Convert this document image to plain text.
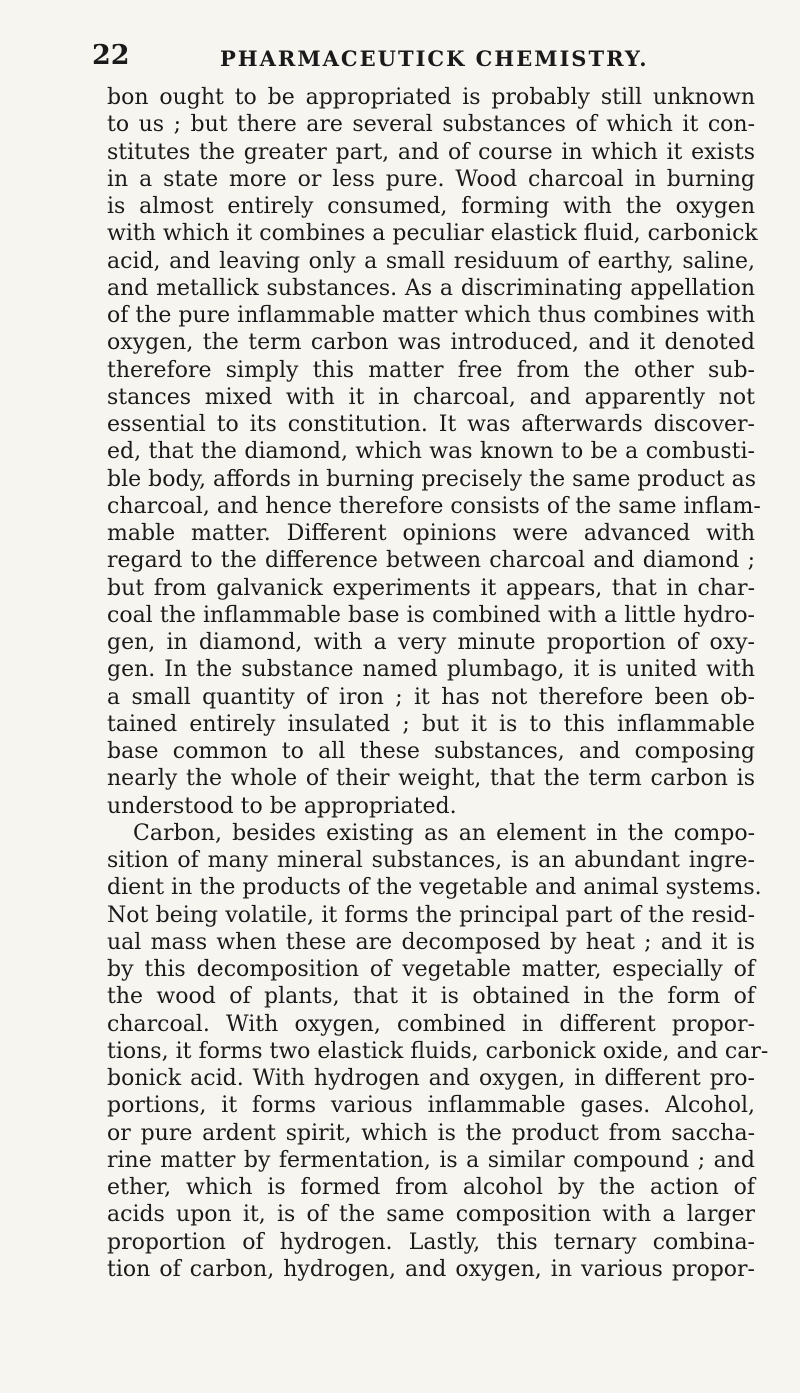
22	PHARMACEUTICK CHEMISTRY.
bon ought to be appropriated is probably still unknown
to us ; but there are several substances of which it con-
stitutes the greater part, and of course in which it exists
in a state more or less pure. Wood charcoal in burning
is almost entirely consumed, forming with the oxygen
with which it combines a peculiar elastick fluid, carbonick
acid, and leaving only a small residuum of earthy, saline,
and metallick substances. As a discriminating appellation
of the pure inflammable matter which thus combines with
oxygen, the term carbon was introduced, and it denoted
therefore simply this matter free from the other sub-
stances mixed with it in charcoal, and apparently not
essential to its constitution. It was afterwards discover-
ed, that the diamond, which was known to be a combusti-
ble body, affords in burning precisely the same product as
charcoal, and hence therefore consists of the same inflam-
mable matter. Different opinions were advanced with
regard to the difference between charcoal and diamond ;
but from galvanick experiments it appears, that in char-
coal the inflammable base is combined with a little hydro-
gen, in diamond, with a very minute proportion of oxy-
gen. In the substance named plumbago, it is united with
a small quantity of iron ; it has not therefore been ob-
tained entirely insulated ; but it is to this inflammable
base common to all these substances, and composing
nearly the whole of their weight, that the term carbon is
understood to be appropriated.
Carbon, besides existing as an element in the compo-
sition of many mineral substances, is an abundant ingre-
dient in the products of the vegetable and animal systems.
Not being volatile, it forms the principal part of the resid-
ual mass when these are decomposed by heat ; and it is
by this decomposition of vegetable matter, especially of
the wood of plants, that it is obtained in the form of
charcoal. With oxygen, combined in different propor-
tions, it forms two elastick fluids, carbonick oxide, and car-
bonick acid. With hydrogen and oxygen, in different pro-
portions, it forms various inflammable gases. Alcohol,
or pure ardent spirit, which is the product from saccha-
rine matter by fermentation, is a similar compound ; and
ether, which is formed from alcohol by the action of
acids upon it, is of the same composition with a larger
proportion of hydrogen. Lastly, this ternary combina-
tion of carbon, hydrogen, and oxygen, in various propor-
